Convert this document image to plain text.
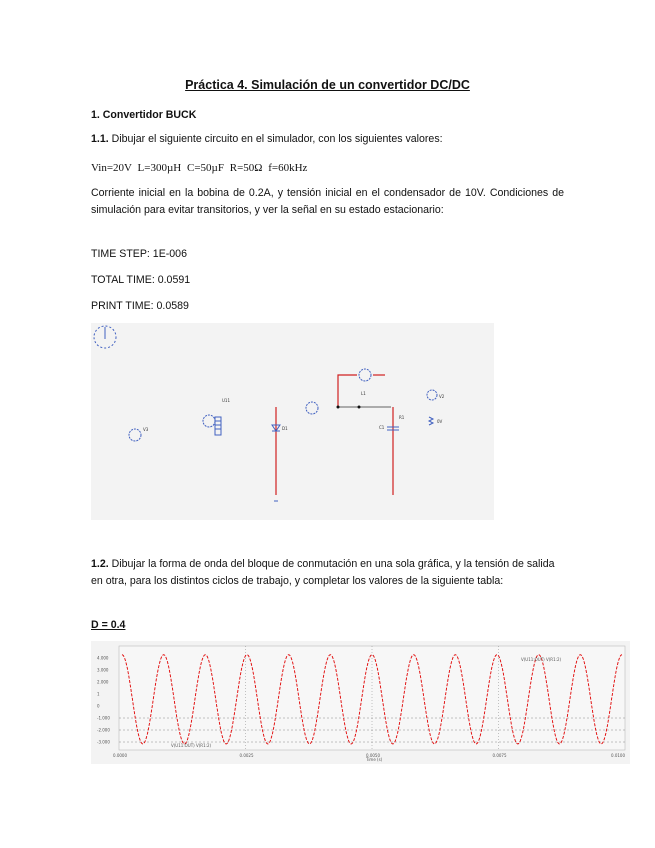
Práctica 4. Simulación de un convertidor DC/DC
1. Convertidor BUCK
1.1. Dibujar el siguiente circuito en el simulador, con los siguientes valores:
Vin=20V L=300µH C=50µF R=50Ω f=60kHz
Corriente inicial en la bobina de 0.2A, y tensión inicial en el condensador de 10V. Condiciones de simulación para evitar transitorios, y ver la señal en su estado estacionario:
TIME STEP: 1E-006
TOTAL TIME: 0.0591
PRINT TIME: 0.0589
V3
U11
D1
L1
C1
R1
V2
0V
1.2. Dibujar la forma de onda del bloque de conmutación en una sola gráfica, y la tensión de salida en otra, para los distintos ciclos de trabajo, y completar los valores de la siguiente tabla:
D = 0.4
4.000
3.000
2.000
1
0
-1.000
-2.000
-3.000
0.0000	0.0025	0.0050	0.0075	0.0100
V(U11:OUT) V(R1:2)
V(U11:OUT) V(R1:2)
Time (s)
